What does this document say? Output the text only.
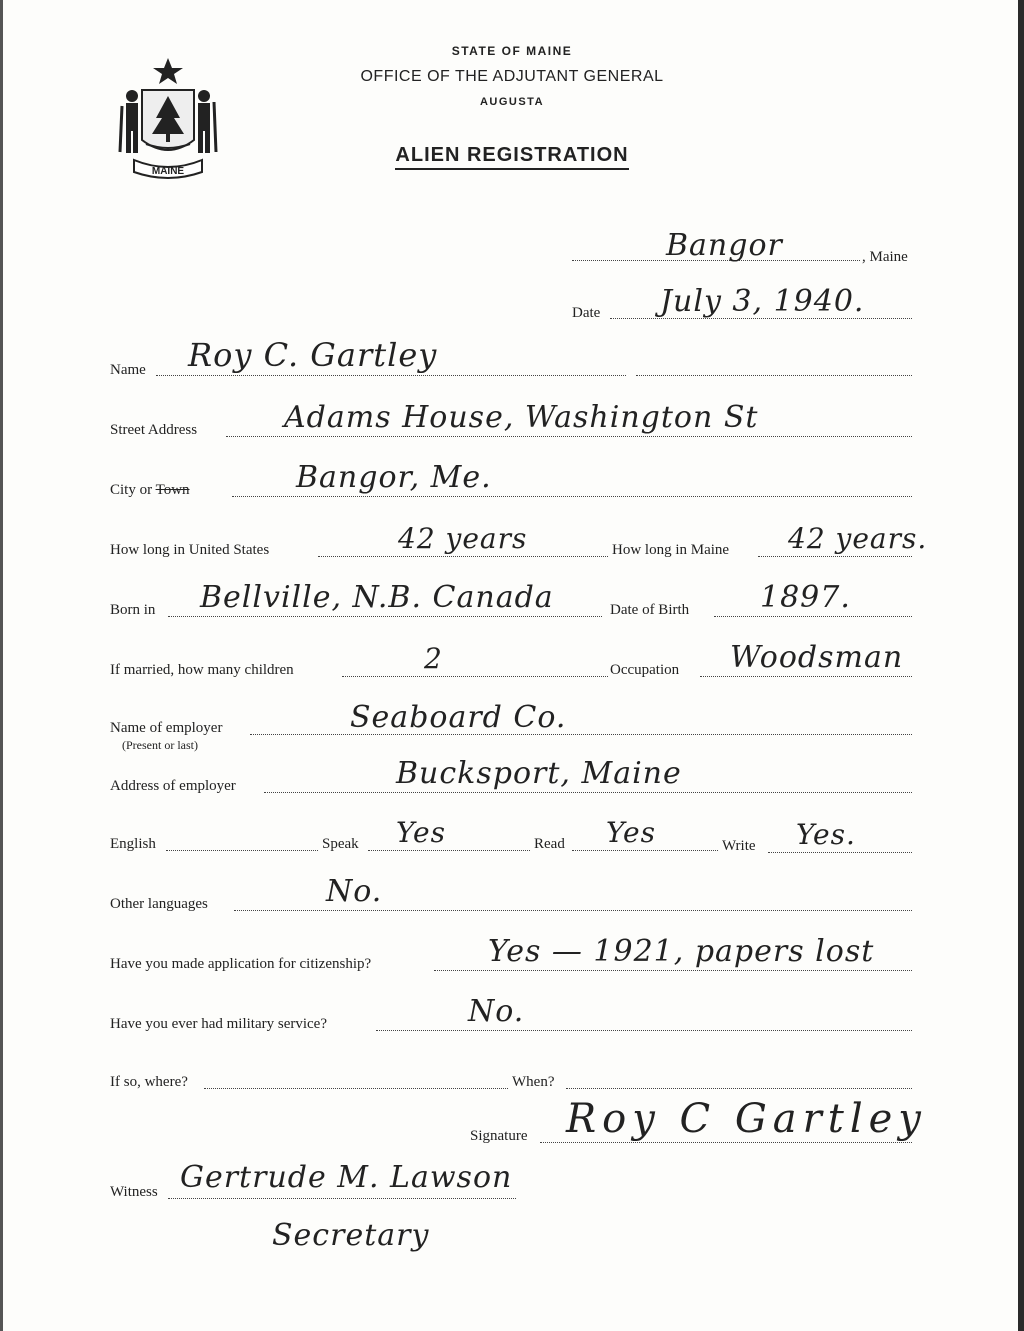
MAINE
STATE OF MAINE
OFFICE OF THE ADJUTANT GENERAL
AUGUSTA
ALIEN REGISTRATION
Bangor	, Maine
Date July 3, 1940.
Name Roy C. Gartley
Street Address	Adams House, Washington St
City or Town	Bangor, Me.
How long in United States	42 years	How long in Maine 42 years.
Born in Bellville, N.B. Canada	Date of Birth 1897.
If married, how many children	2	Occupation Woodsman
Name of employer
(Present or last)
Seaboard Co.
Address of employer	Bucksport, Maine
English	Speak Yes	Read Yes	Write Yes.
Other languages	No.
Have you made application for citizenship?	Yes — 1921, papers lost
Have you ever had military service?	No.
If so, where?	When?
Signature Roy C Gartley
Witness Gertrude M. Lawson
Secretary
